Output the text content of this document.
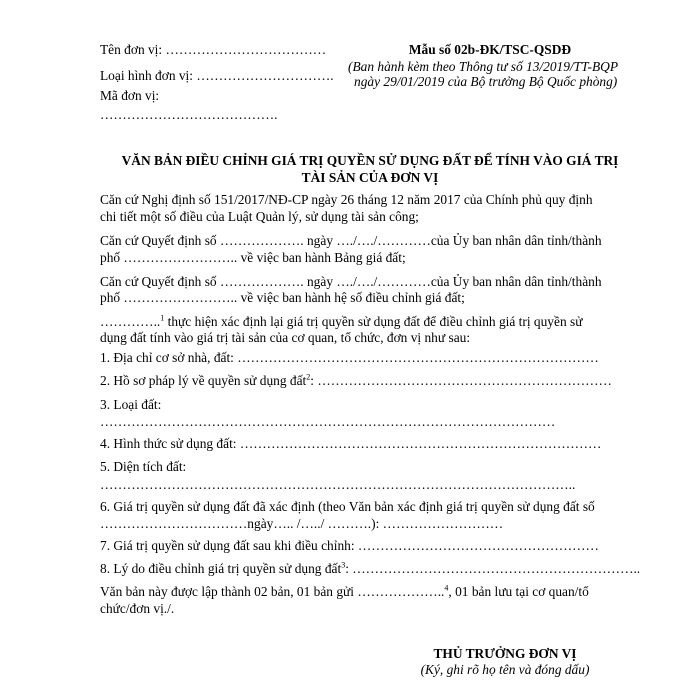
Tên đơn vị: ………………………………
Loại hình đơn vị: ………………………….
Mã đơn vị:
………………………………….
Mẫu số 02b-ĐK/TSC-QSDĐ
(Ban hành kèm theo Thông tư số 13/2019/TT-BQP
ngày 29/01/2019 của Bộ trưởng Bộ Quốc phòng)
VĂN BẢN ĐIỀU CHỈNH GIÁ TRỊ QUYỀN SỬ DỤNG ĐẤT ĐỂ TÍNH VÀO GIÁ TRỊ
TÀI SẢN CỦA ĐƠN VỊ
Căn cứ Nghị định số 151/2017/NĐ-CP ngày 26 tháng 12 năm 2017 của Chính phủ quy định
chi tiết một số điều của Luật Quản lý, sử dụng tài sản công;
Căn cứ Quyết định số ………………. ngày …./…./…………của Ủy ban nhân dân tỉnh/thành
phố …………………….. về việc ban hành Bảng giá đất;
Căn cứ Quyết định số ………………. ngày …./…./…………của Ủy ban nhân dân tỉnh/thành
phố …………………….. về việc ban hành hệ số điều chỉnh giá đất;
…………..$^1$ thực hiện xác định lại giá trị quyền sử dụng đất để điều chỉnh giá trị quyền sử
dụng đất tính vào giá trị tài sản của cơ quan, tổ chức, đơn vị như sau:
1. Địa chỉ cơ sở nhà, đất: ………………………………………………………………………
2. Hồ sơ pháp lý về quyền sử dụng đất$^2$: …………………………………………………………
3. Loại đất:
…………………………………………………………………………………………
4. Hình thức sử dụng đất: ………………………………………………………………………
5. Diện tích đất:
……………………………………………………………………………………………..
6. Giá trị quyền sử dụng đất đã xác định (theo Văn bản xác định giá trị quyền sử dụng đất số
……………………………ngày….. /…../ ……….): ………………………
7. Giá trị quyền sử dụng đất sau khi điều chỉnh: ………………………………………………
8. Lý do điều chỉnh giá trị quyền sử dụng đất$^3$: ………………………………………………………..
Văn bản này được lập thành 02 bản, 01 bản gửi ………………..$^4$, 01 bản lưu tại cơ quan/tổ
chức/đơn vị./.
THỦ TRƯỞNG ĐƠN VỊ
(Ký, ghi rõ họ tên và đóng dấu)
